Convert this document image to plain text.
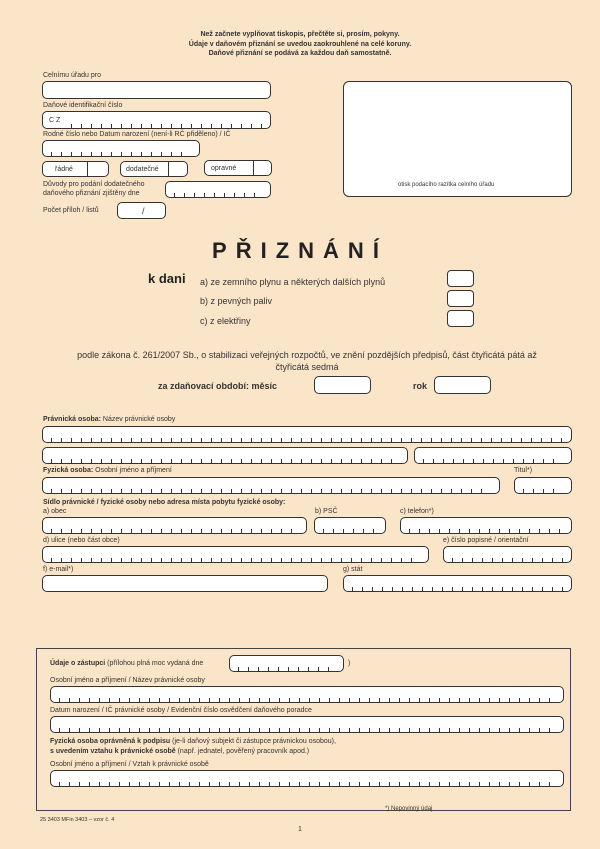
Než začnete vyplňovat tiskopis, přečtěte si, prosím, pokyny.
Údaje v daňovém přiznání se uvedou zaokrouhlené na celé koruny.
Daňové přiznání se podává za každou daň samostatně.
Celnímu úřadu pro
Daňové identifikační číslo
C Z
Rodné číslo nebo Datum narození (není-li RČ přiděleno) / IČ
řádné	dodatečné	opravné
Důvody pro podání dodatečného
daňového přiznání zjištěny dne
Počet příloh / listů	/
otisk podacího razítka celního úřadu
PŘIZNÁNÍ
k dani a) ze zemního plynu a některých dalších plynů
b) z pevných paliv
c) z elektřiny
podle zákona č. 261/2007 Sb., o stabilizaci veřejných rozpočtů, ve znění pozdějších předpisů, část čtyřicátá pátá až
čtyřicátá sedmá
za zdaňovací období: měsíc	rok
Právnická osoba: Název právnické osoby
Fyzická osoba: Osobní jméno a příjmení	Titul*)
Sídlo právnické / fyzické osoby nebo adresa místa pobytu fyzické osoby:
a) obec	b) PSČ	c) telefon*)
d) ulice (nebo část obce)	e) číslo popisné / orientační
f) e-mail*)	g) stát
Údaje o zástupci (přílohou plná moc vydaná dne	)
Osobní jméno a příjmení / Název právnické osoby
Datum narození / IČ právnické osoby / Evidenční číslo osvědčení daňového poradce
Fyzická osoba oprávněná k podpisu (je-li daňový subjekt či zástupce právnickou osobou),
s uvedením vztahu k právnické osobě (např. jednatel, pověřený pracovník apod.)
Osobní jméno a příjmení / Vztah k právnické osobě
*) Nepovinný údaj
25 3403 MFin 3403 – vzor č. 4
1
